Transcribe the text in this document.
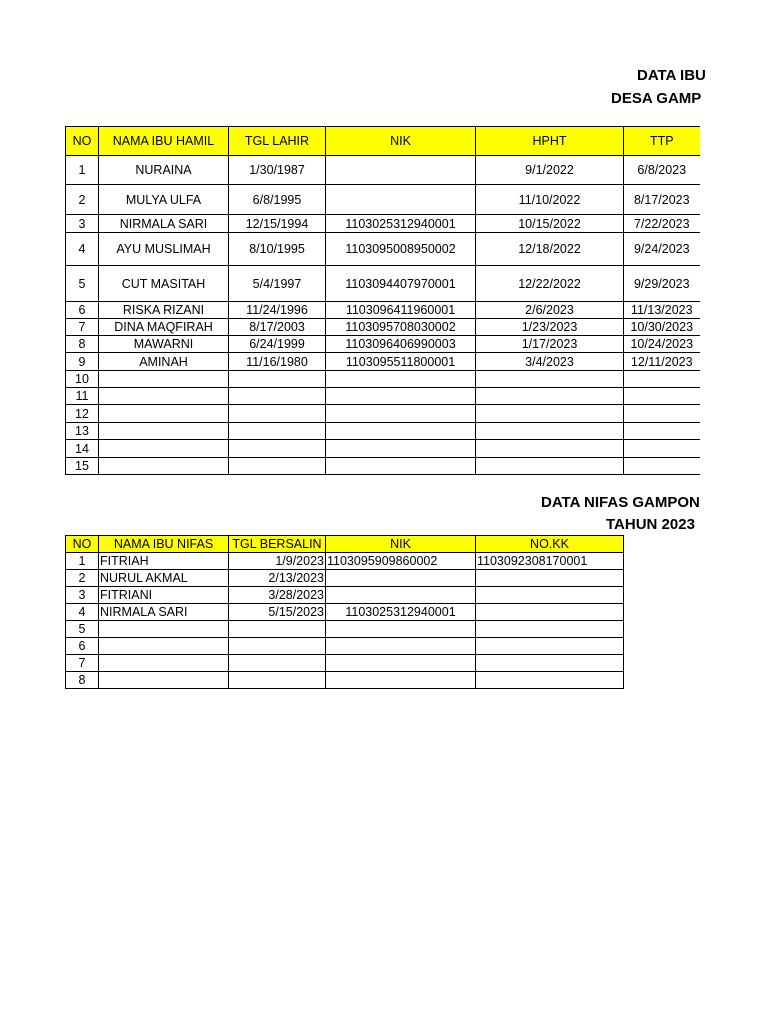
DATA IBU
DESA GAMP
NO	NAMA IBU HAMIL	TGL LAHIR	NIK	HPHT	TTP
1	NURAINA	1/30/1987		9/1/2022	6/8/2023
2	MULYA ULFA	6/8/1995		11/10/2022	8/17/2023
3	NIRMALA SARI	12/15/1994	1103025312940001	10/15/2022	7/22/2023
4	AYU MUSLIMAH	8/10/1995	1103095008950002	12/18/2022	9/24/2023
5	CUT MASITAH	5/4/1997	1103094407970001	12/22/2022	9/29/2023
6	RISKA RIZANI	11/24/1996	1103096411960001	2/6/2023	11/13/2023
7	DINA MAQFIRAH	8/17/2003	1103095708030002	1/23/2023	10/30/2023
8	MAWARNI	6/24/1999	1103096406990003	1/17/2023	10/24/2023
9	AMINAH	11/16/1980	1103095511800001	3/4/2023	12/11/2023
10					
11					
12					
13					
14					
15					
DATA NIFAS GAMPON
TAHUN 2023
NO	NAMA IBU NIFAS	TGL BERSALIN	NIK	NO.KK
1	FITRIAH	1/9/2023	1103095909860002	1103092308170001
2	NURUL AKMAL	2/13/2023		
3	FITRIANI	3/28/2023		
4	NIRMALA SARI	5/15/2023	1103025312940001	
5				
6				
7				
8				
